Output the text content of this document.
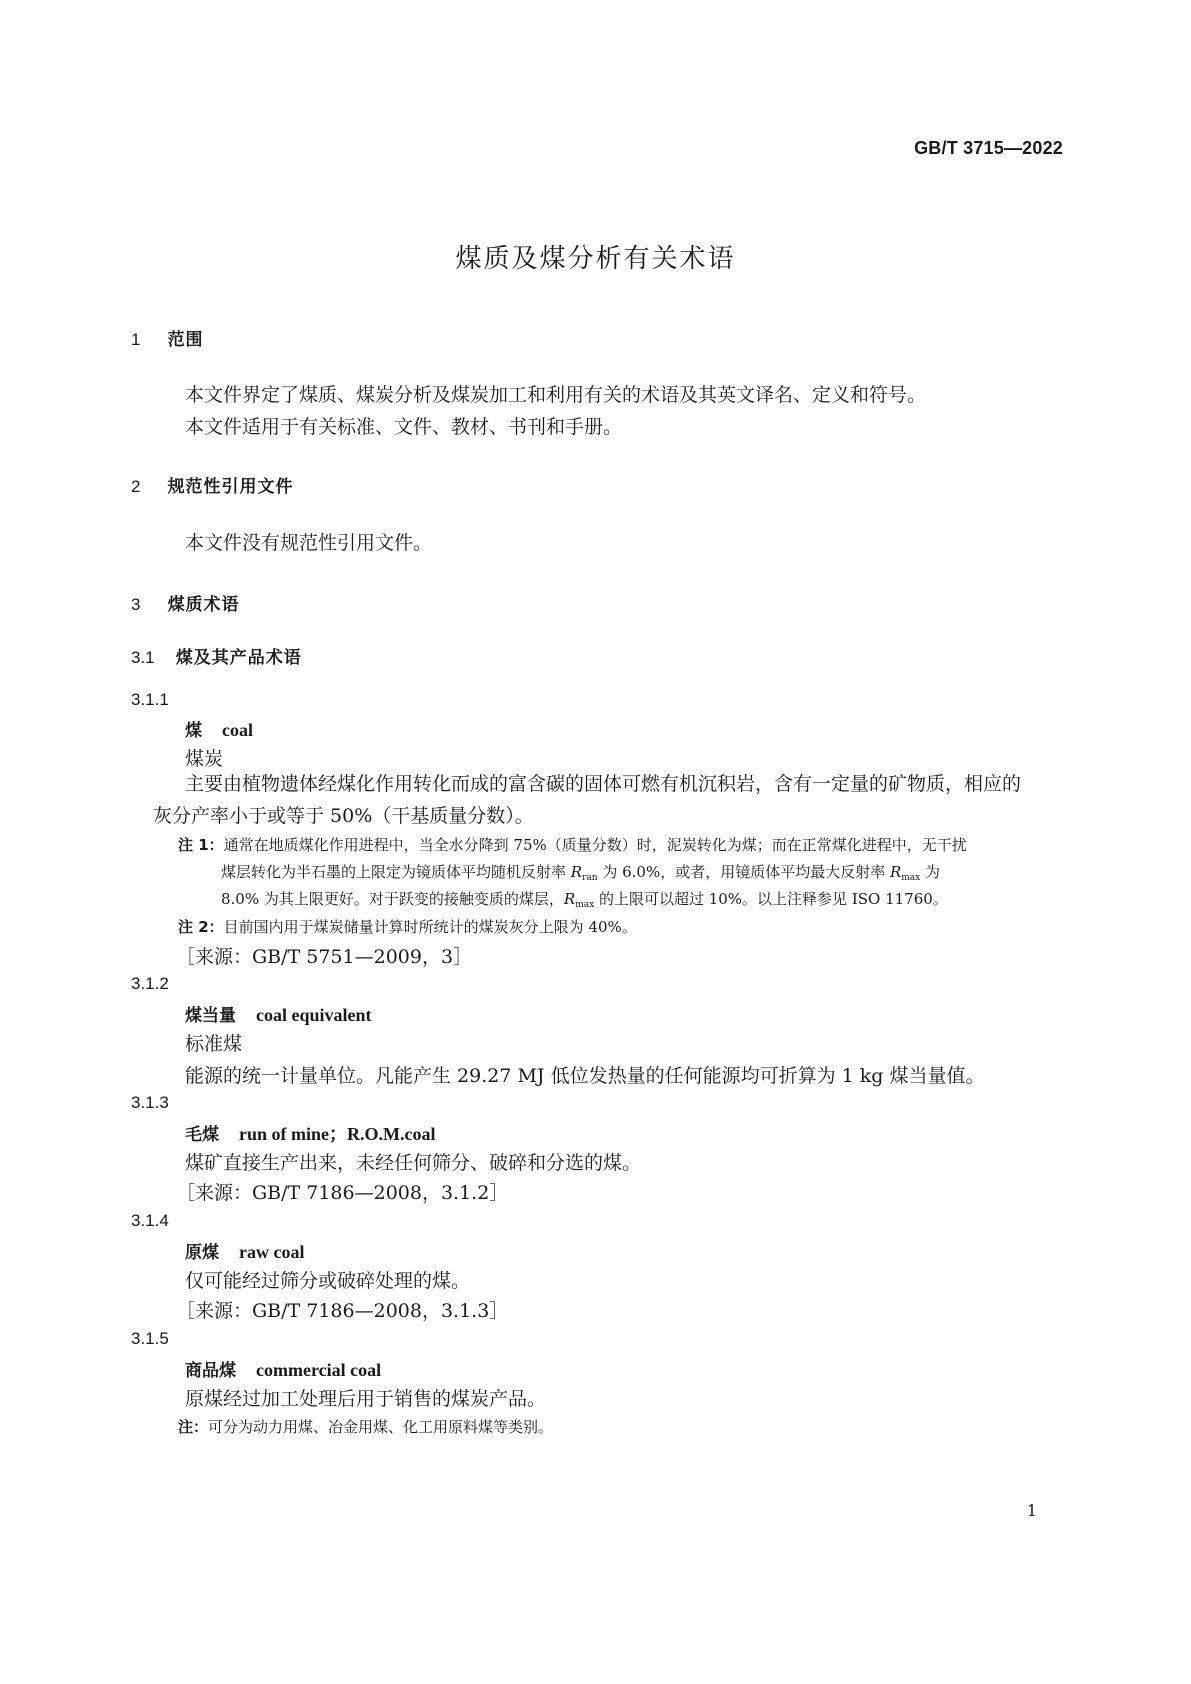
GB/T 3715—2022
煤质及煤分析有关术语
1 范围
本文件界定了煤质、煤炭分析及煤炭加工和利用有关的术语及其英文译名、定义和符号。
本文件适用于有关标准、文件、教材、书刊和手册。
2 规范性引用文件
本文件没有规范性引用文件。
3 煤质术语
3.1 煤及其产品术语
3.1.1
煤 coal
煤炭
主要由植物遗体经煤化作用转化而成的富含碳的固体可燃有机沉积岩，含有一定量的矿物质，相应的灰分产率小于或等于 50%（干基质量分数）。
注 1：通常在地质煤化作用进程中，当全水分降到 75%（质量分数）时，泥炭转化为煤；而在正常煤化进程中，无干扰
煤层转化为半石墨的上限定为镜质体平均随机反射率 $R_{ran}$ 为 6.0%，或者，用镜质体平均最大反射率 $R_{max}$ 为
8.0% 为其上限更好。对于跃变的接触变质的煤层，$R_{max}$ 的上限可以超过 10%。以上注释参见 ISO 11760。
注 2：目前国内用于煤炭储量计算时所统计的煤炭灰分上限为 40%。
［来源：GB/T 5751—2009，3］
3.1.2
煤当量 coal equivalent
标准煤
能源的统一计量单位。凡能产生 29.27 MJ 低位发热量的任何能源均可折算为 1 kg 煤当量值。
3.1.3
毛煤 run of mine；R.O.M.coal
煤矿直接生产出来，未经任何筛分、破碎和分选的煤。
［来源：GB/T 7186—2008，3.1.2］
3.1.4
原煤 raw coal
仅可能经过筛分或破碎处理的煤。
［来源：GB/T 7186—2008，3.1.3］
3.1.5
商品煤 commercial coal
原煤经过加工处理后用于销售的煤炭产品。
注：可分为动力用煤、冶金用煤、化工用原料煤等类别。
1
